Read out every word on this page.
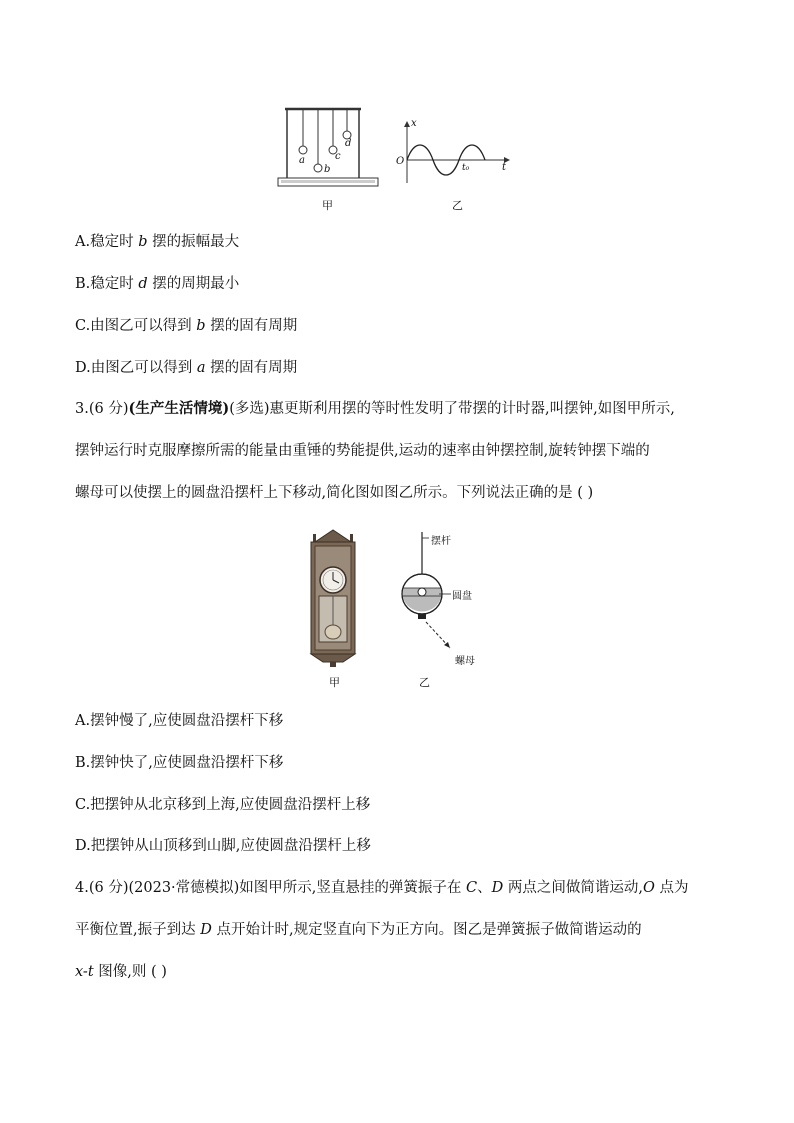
a
b
c
d
甲
x
O
t
t₀
乙
A.稳定时 b 摆的振幅最大
B.稳定时 d 摆的周期最小
C.由图乙可以得到 b 摆的固有周期
D.由图乙可以得到 a 摆的固有周期
3.(6 分)(生产生活情境)(多选)惠更斯利用摆的等时性发明了带摆的计时器,叫摆钟,如图甲所示,
摆钟运行时克服摩擦所需的能量由重锤的势能提供,运动的速率由钟摆控制,旋转钟摆下端的
螺母可以使摆上的圆盘沿摆杆上下移动,简化图如图乙所示。下列说法正确的是 ( )
甲
摆杆
圆盘
螺母
乙
A.摆钟慢了,应使圆盘沿摆杆下移
B.摆钟快了,应使圆盘沿摆杆下移
C.把摆钟从北京移到上海,应使圆盘沿摆杆上移
D.把摆钟从山顶移到山脚,应使圆盘沿摆杆上移
4.(6 分)(2023·常德模拟)如图甲所示,竖直悬挂的弹簧振子在 C、D 两点之间做简谐运动,O 点为
平衡位置,振子到达 D 点开始计时,规定竖直向下为正方向。图乙是弹簧振子做简谐运动的
x-t 图像,则 ( )
